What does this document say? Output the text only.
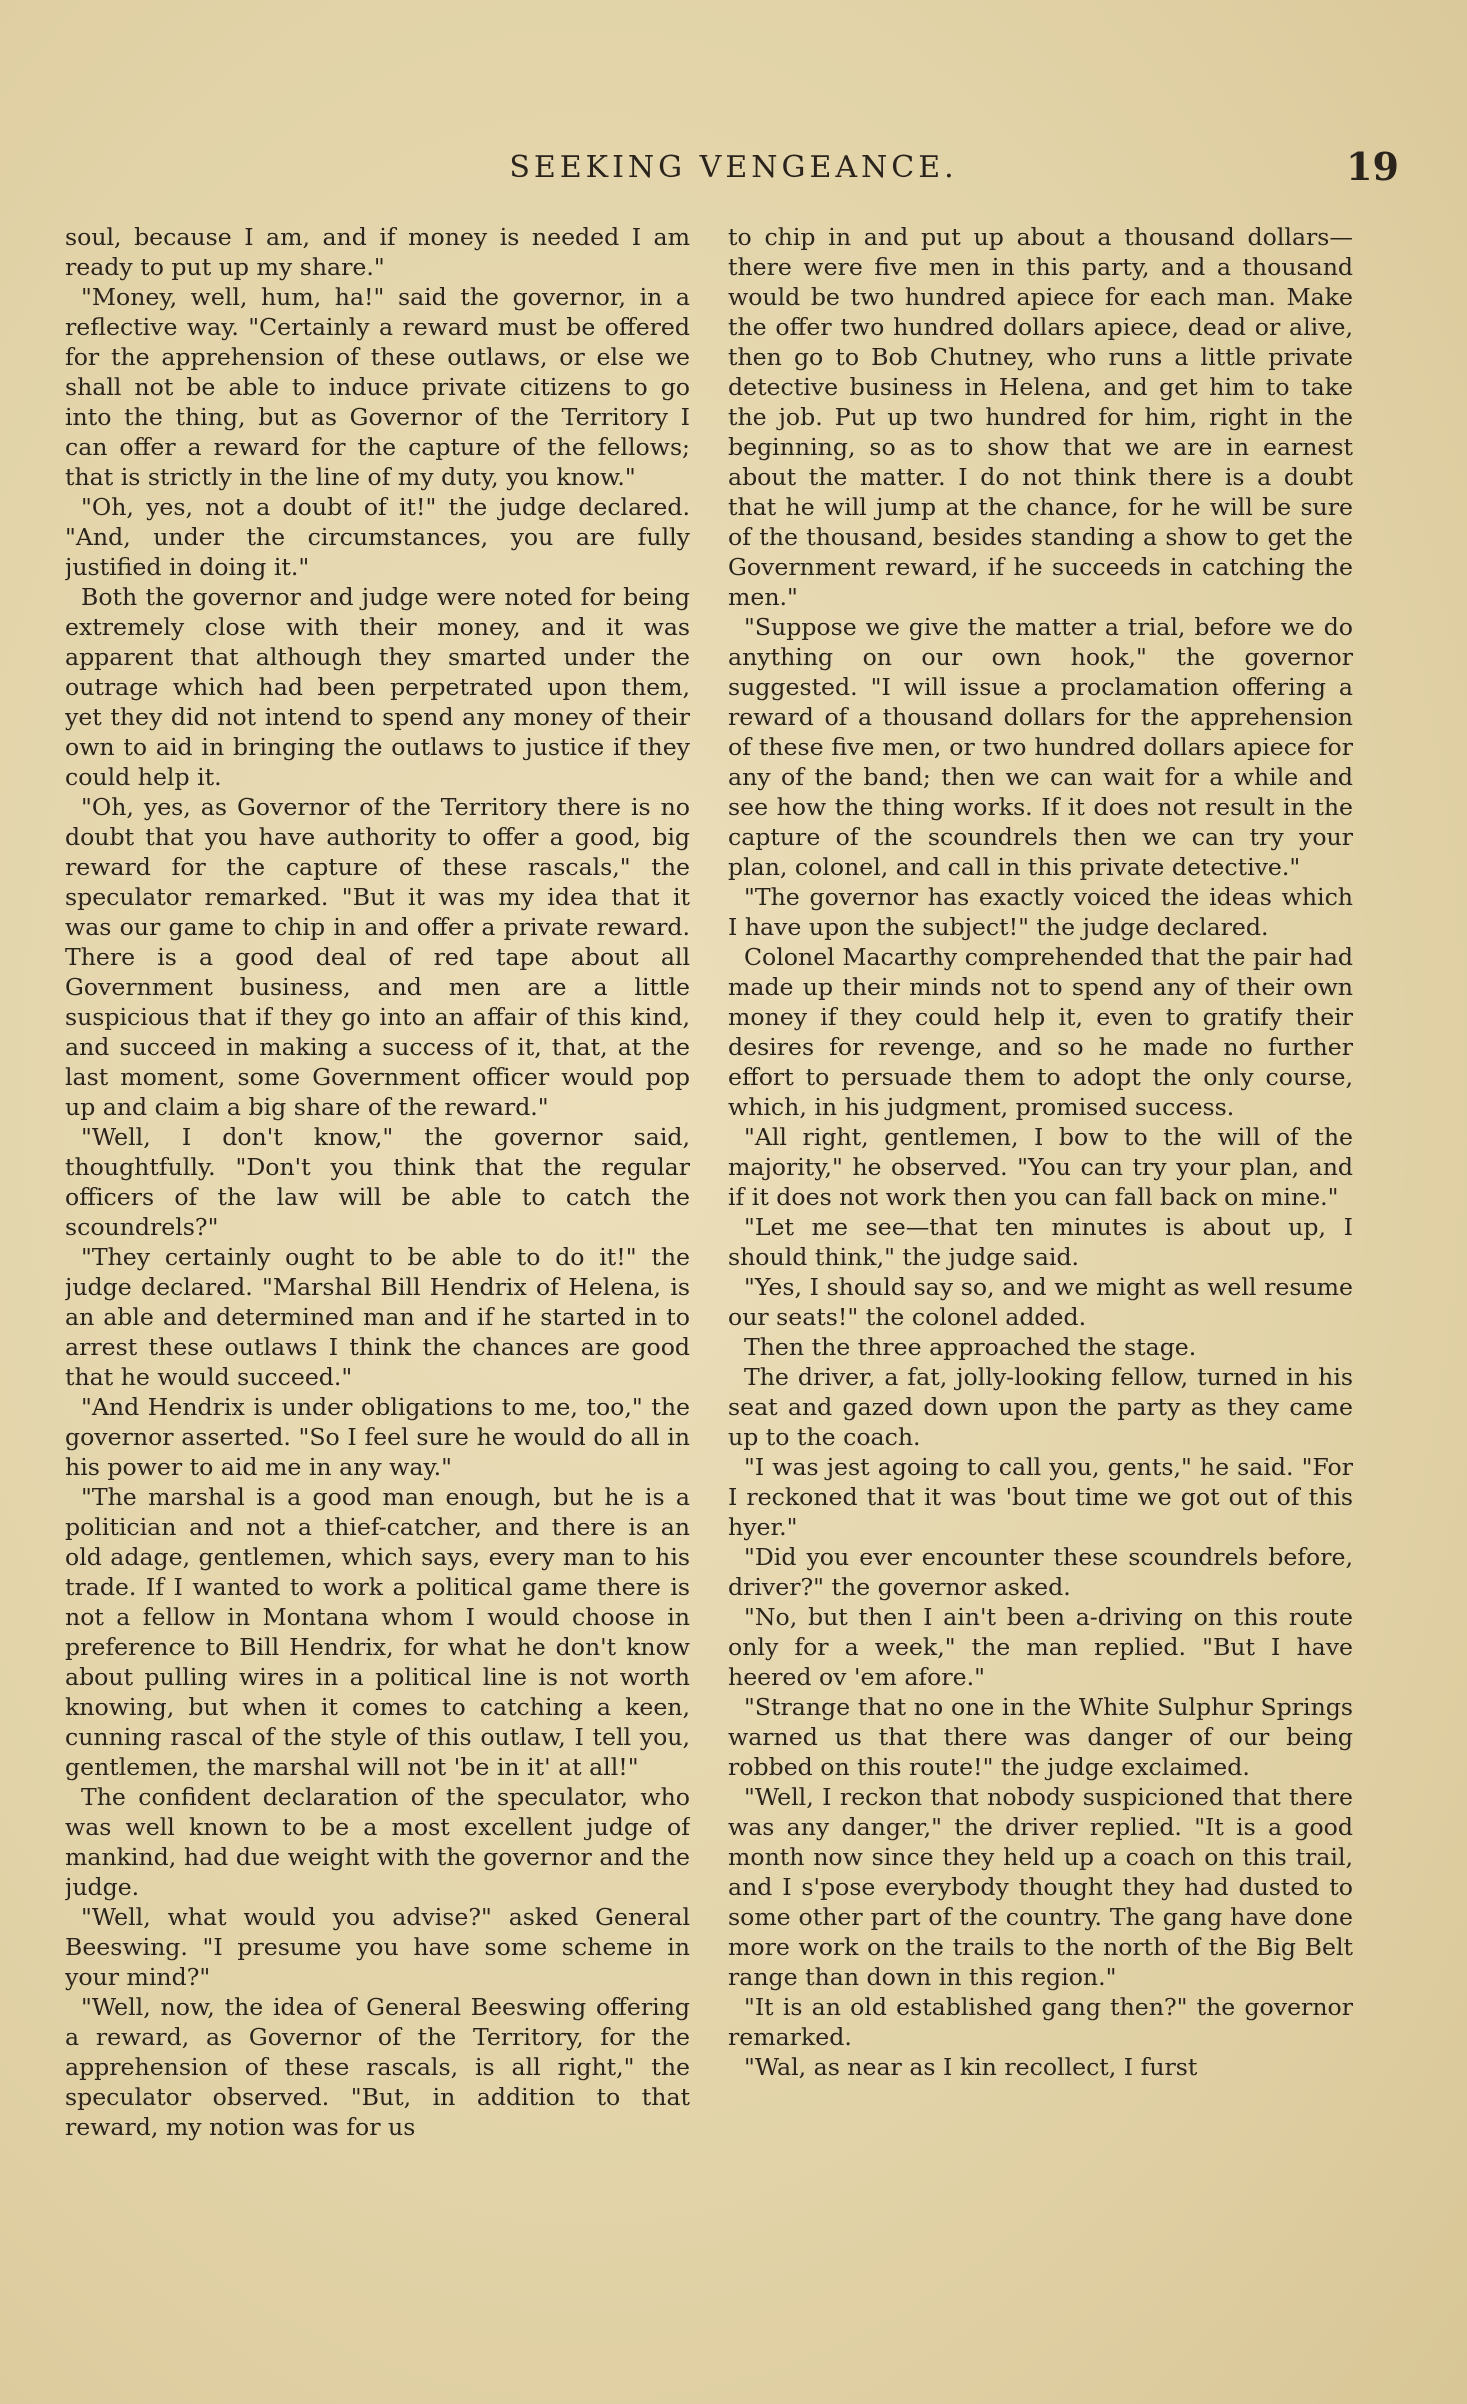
SEEKING VENGEANCE.	19

soul, because I am, and if money is needed I am ready to put up my share."

"Money, well, hum, ha!" said the governor, in a reflective way. "Certainly a reward must be offered for the apprehension of these outlaws, or else we shall not be able to induce private citizens to go into the thing, but as Governor of the Territory I can offer a reward for the capture of the fellows; that is strictly in the line of my duty, you know."

"Oh, yes, not a doubt of it!" the judge declared. "And, under the circumstances, you are fully justified in doing it."

Both the governor and judge were noted for being extremely close with their money, and it was apparent that although they smarted under the outrage which had been perpetrated upon them, yet they did not intend to spend any money of their own to aid in bringing the outlaws to justice if they could help it.

"Oh, yes, as Governor of the Territory there is no doubt that you have authority to offer a good, big reward for the capture of these rascals," the speculator remarked. "But it was my idea that it was our game to chip in and offer a private reward. There is a good deal of red tape about all Government business, and men are a little suspicious that if they go into an affair of this kind, and succeed in making a success of it, that, at the last moment, some Government officer would pop up and claim a big share of the reward."

"Well, I don't know," the governor said, thoughtfully. "Don't you think that the regular officers of the law will be able to catch the scoundrels?"

"They certainly ought to be able to do it!" the judge declared. "Marshal Bill Hendrix of Helena, is an able and determined man and if he started in to arrest these outlaws I think the chances are good that he would succeed."

"And Hendrix is under obligations to me, too," the governor asserted. "So I feel sure he would do all in his power to aid me in any way."

"The marshal is a good man enough, but he is a politician and not a thief-catcher, and there is an old adage, gentlemen, which says, every man to his trade. If I wanted to work a political game there is not a fellow in Montana whom I would choose in preference to Bill Hendrix, for what he don't know about pulling wires in a political line is not worth knowing, but when it comes to catching a keen, cunning rascal of the style of this outlaw, I tell you, gentlemen, the marshal will not 'be in it' at all!"

The confident declaration of the speculator, who was well known to be a most excellent judge of mankind, had due weight with the governor and the judge.

"Well, what would you advise?" asked General Beeswing. "I presume you have some scheme in your mind?"

"Well, now, the idea of General Beeswing offering a reward, as Governor of the Territory, for the apprehension of these rascals, is all right," the speculator observed. "But, in addition to that reward, my notion was for us

to chip in and put up about a thousand dollars—there were five men in this party, and a thousand would be two hundred apiece for each man. Make the offer two hundred dollars apiece, dead or alive, then go to Bob Chutney, who runs a little private detective business in Helena, and get him to take the job. Put up two hundred for him, right in the beginning, so as to show that we are in earnest about the matter. I do not think there is a doubt that he will jump at the chance, for he will be sure of the thousand, besides standing a show to get the Government reward, if he succeeds in catching the men."

"Suppose we give the matter a trial, before we do anything on our own hook," the governor suggested. "I will issue a proclamation offering a reward of a thousand dollars for the apprehension of these five men, or two hundred dollars apiece for any of the band; then we can wait for a while and see how the thing works. If it does not result in the capture of the scoundrels then we can try your plan, colonel, and call in this private detective."

"The governor has exactly voiced the ideas which I have upon the subject!" the judge declared.

Colonel Macarthy comprehended that the pair had made up their minds not to spend any of their own money if they could help it, even to gratify their desires for revenge, and so he made no further effort to persuade them to adopt the only course, which, in his judgment, promised success.

"All right, gentlemen, I bow to the will of the majority," he observed. "You can try your plan, and if it does not work then you can fall back on mine."

"Let me see—that ten minutes is about up, I should think," the judge said.

"Yes, I should say so, and we might as well resume our seats!" the colonel added.

Then the three approached the stage.

The driver, a fat, jolly-looking fellow, turned in his seat and gazed down upon the party as they came up to the coach.

"I was jest agoing to call you, gents," he said. "For I reckoned that it was 'bout time we got out of this hyer."

"Did you ever encounter these scoundrels before, driver?" the governor asked.

"No, but then I ain't been a-driving on this route only for a week," the man replied. "But I have heered ov 'em afore."

"Strange that no one in the White Sulphur Springs warned us that there was danger of our being robbed on this route!" the judge exclaimed.

"Well, I reckon that nobody suspicioned that there was any danger," the driver replied. "It is a good month now since they held up a coach on this trail, and I s'pose everybody thought they had dusted to some other part of the country. The gang have done more work on the trails to the north of the Big Belt range than down in this region."

"It is an old established gang then?" the governor remarked.

"Wal, as near as I kin recollect, I furst
